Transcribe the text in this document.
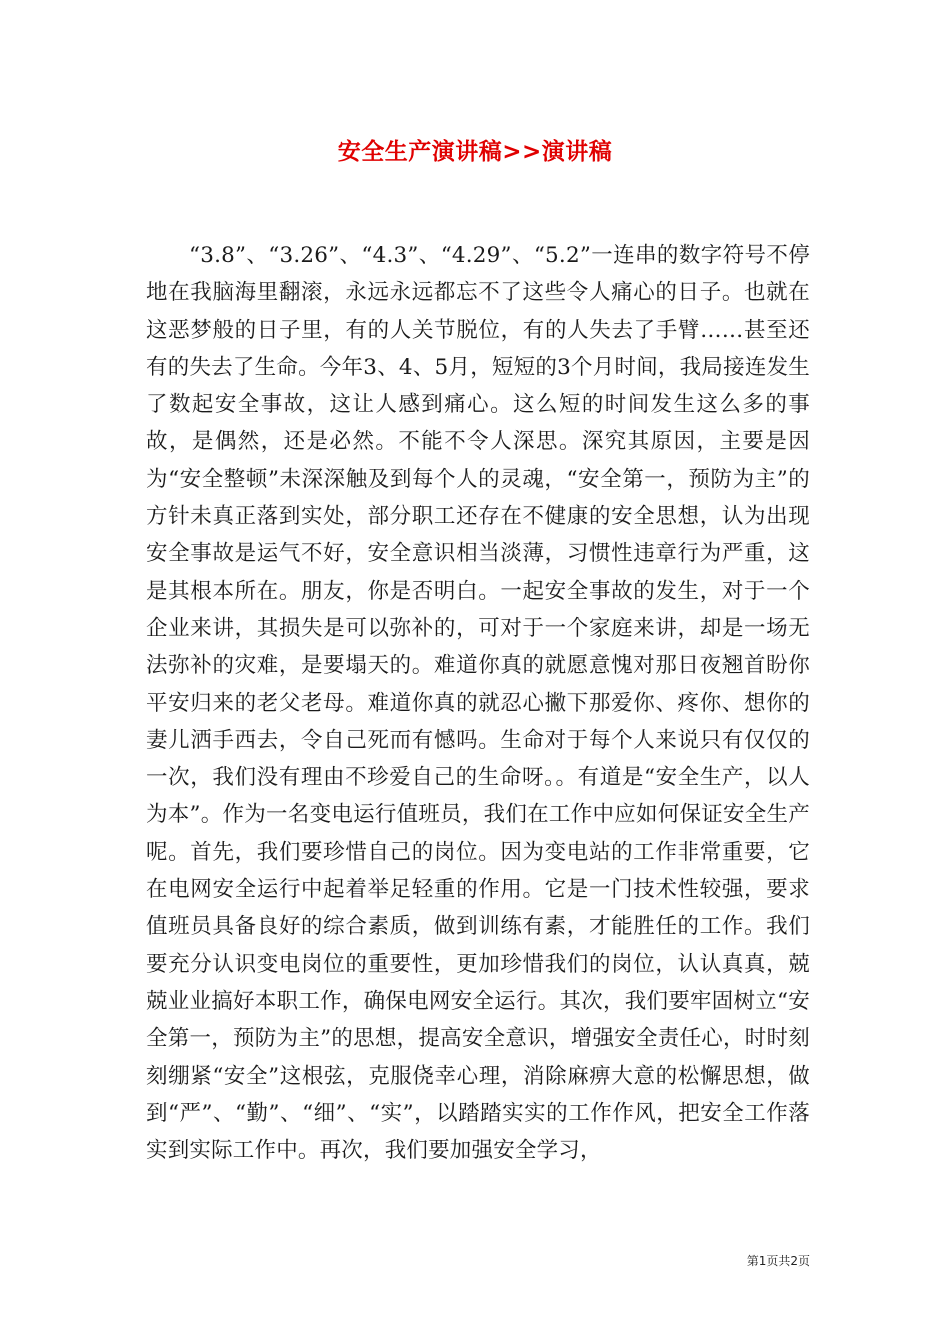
安全生产演讲稿>>演讲稿

“3.8”、“3.26”、“4.3”、“4.29”、“5.2”一连串的数字符号不停地在我脑海里翻滚，永远永远都忘不了这些令人痛心的日子。也就在这恶梦般的日子里，有的人关节脱位，有的人失去了手臂……甚至还有的失去了生命。今年3、4、5月，短短的3个月时间，我局接连发生了数起安全事故，这让人感到痛心。这么短的时间发生这么多的事故，是偶然，还是必然。不能不令人深思。深究其原因，主要是因为“安全整顿”未深深触及到每个人的灵魂，“安全第一，预防为主”的方针未真正落到实处，部分职工还存在不健康的安全思想，认为出现安全事故是运气不好，安全意识相当淡薄，习惯性违章行为严重，这是其根本所在。朋友，你是否明白。一起安全事故的发生，对于一个企业来讲，其损失是可以弥补的，可对于一个家庭来讲，却是一场无法弥补的灾难，是要塌天的。难道你真的就愿意愧对那日夜翘首盼你平安归来的老父老母。难道你真的就忍心撇下那爱你、疼你、想你的妻儿洒手西去，令自己死而有憾吗。生命对于每个人来说只有仅仅的一次，我们没有理由不珍爱自己的生命呀。。有道是“安全生产，以人为本”。作为一名变电运行值班员，我们在工作中应如何保证安全生产呢。首先，我们要珍惜自己的岗位。因为变电站的工作非常重要，它在电网安全运行中起着举足轻重的作用。它是一门技术性较强，要求值班员具备良好的综合素质，做到训练有素，才能胜任的工作。我们要充分认识变电岗位的重要性，更加珍惜我们的岗位，认认真真，兢兢业业搞好本职工作，确保电网安全运行。其次，我们要牢固树立“安全第一，预防为主”的思想，提高安全意识，增强安全责任心，时时刻刻绷紧“安全”这根弦，克服侥幸心理，消除麻痹大意的松懈思想，做到“严”、“勤”、“细”、“实”，以踏踏实实的工作作风，把安全工作落实到实际工作中。再次，我们要加强安全学习，

第1页共2页
